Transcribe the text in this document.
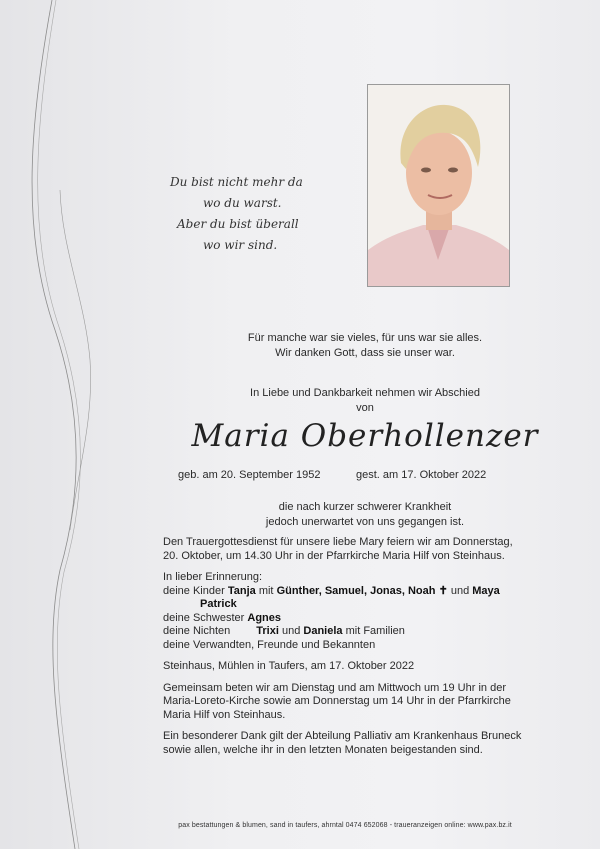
Du bist nicht mehr da
wo du warst.
Aber du bist überall
wo wir sind.
Für manche war sie vieles, für uns war sie alles.
Wir danken Gott, dass sie unser war.
In Liebe und Dankbarkeit nehmen wir Abschied
von
Maria Oberhollenzer
geb. am 20. September 1952	gest. am 17. Oktober 2022
die nach kurzer schwerer Krankheit
jedoch unerwartet von uns gegangen ist.

Den Trauergottesdienst für unsere liebe Mary feiern wir am Donnerstag,
20. Oktober, um 14.30 Uhr in der Pfarrkirche Maria Hilf von Steinhaus.

In lieber Erinnerung:
deine Kinder Tanja mit Günther, Samuel, Jonas, Noah ✝ und Maya
Patrick
deine Schwester Agnes
deine Nichten Trixi und Daniela mit Familien
deine Verwandten, Freunde und Bekannten

Steinhaus, Mühlen in Taufers, am 17. Oktober 2022

Gemeinsam beten wir am Dienstag und am Mittwoch um 19 Uhr in der
Maria-Loreto-Kirche sowie am Donnerstag um 14 Uhr in der Pfarrkirche
Maria Hilf von Steinhaus.

Ein besonderer Dank gilt der Abteilung Palliativ am Krankenhaus Bruneck
sowie allen, welche ihr in den letzten Monaten beigestanden sind.

pax bestattungen & blumen, sand in taufers, ahrntal 0474 652068 - traueranzeigen online: www.pax.bz.it
